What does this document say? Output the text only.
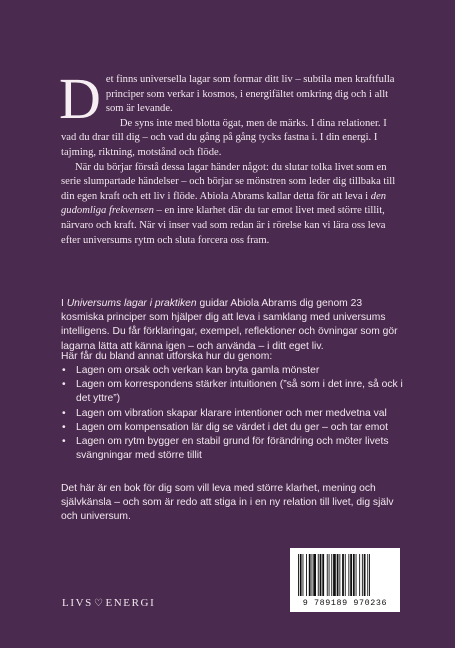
D et finns universella lagar som formar ditt liv – subtila men kraftfulla principer som verkar i kosmos, i energifältet omkring dig och i allt som är levande.

De syns inte med blotta ögat, men de märks. I dina relationer. I vad du drar till dig – och vad du gång på gång tycks fastna i. I din energi. I tajming, riktning, motstånd och flöde.

När du börjar förstå dessa lagar händer något: du slutar tolka livet som en serie slumpartade händelser – och börjar se mönstren som leder dig tillbaka till din egen kraft och ett liv i flöde. Abiola Abrams kallar detta för att leva i den gudomliga frekvensen – en inre klarhet där du tar emot livet med större tillit, närvaro och kraft. När vi inser vad som redan är i rörelse kan vi lära oss leva efter universums rytm och sluta forcera oss fram.

I Universums lagar i praktiken guidar Abiola Abrams dig genom 23 kosmiska principer som hjälper dig att leva i samklang med universums intelligens. Du får förklaringar, exempel, reflektioner och övningar som gör lagarna lätta att känna igen – och använda – i ditt eget liv.

Här får du bland annat utforska hur du genom:

• Lagen om orsak och verkan kan bryta gamla mönster
• Lagen om korrespondens stärker intuitionen (”så som i det inre, så ock i det yttre”)
• Lagen om vibration skapar klarare intentioner och mer medvetna val
• Lagen om kompensation lär dig se värdet i det du ger – och tar emot
• Lagen om rytm bygger en stabil grund för förändring och möter livets svängningar med större tillit

Det här är en bok för dig som vill leva med större klarhet, mening och självkänsla – och som är redo att stiga in i en ny relation till livet, dig själv och universum.

LIVS ♡ ENERGI	9 789189 970236
